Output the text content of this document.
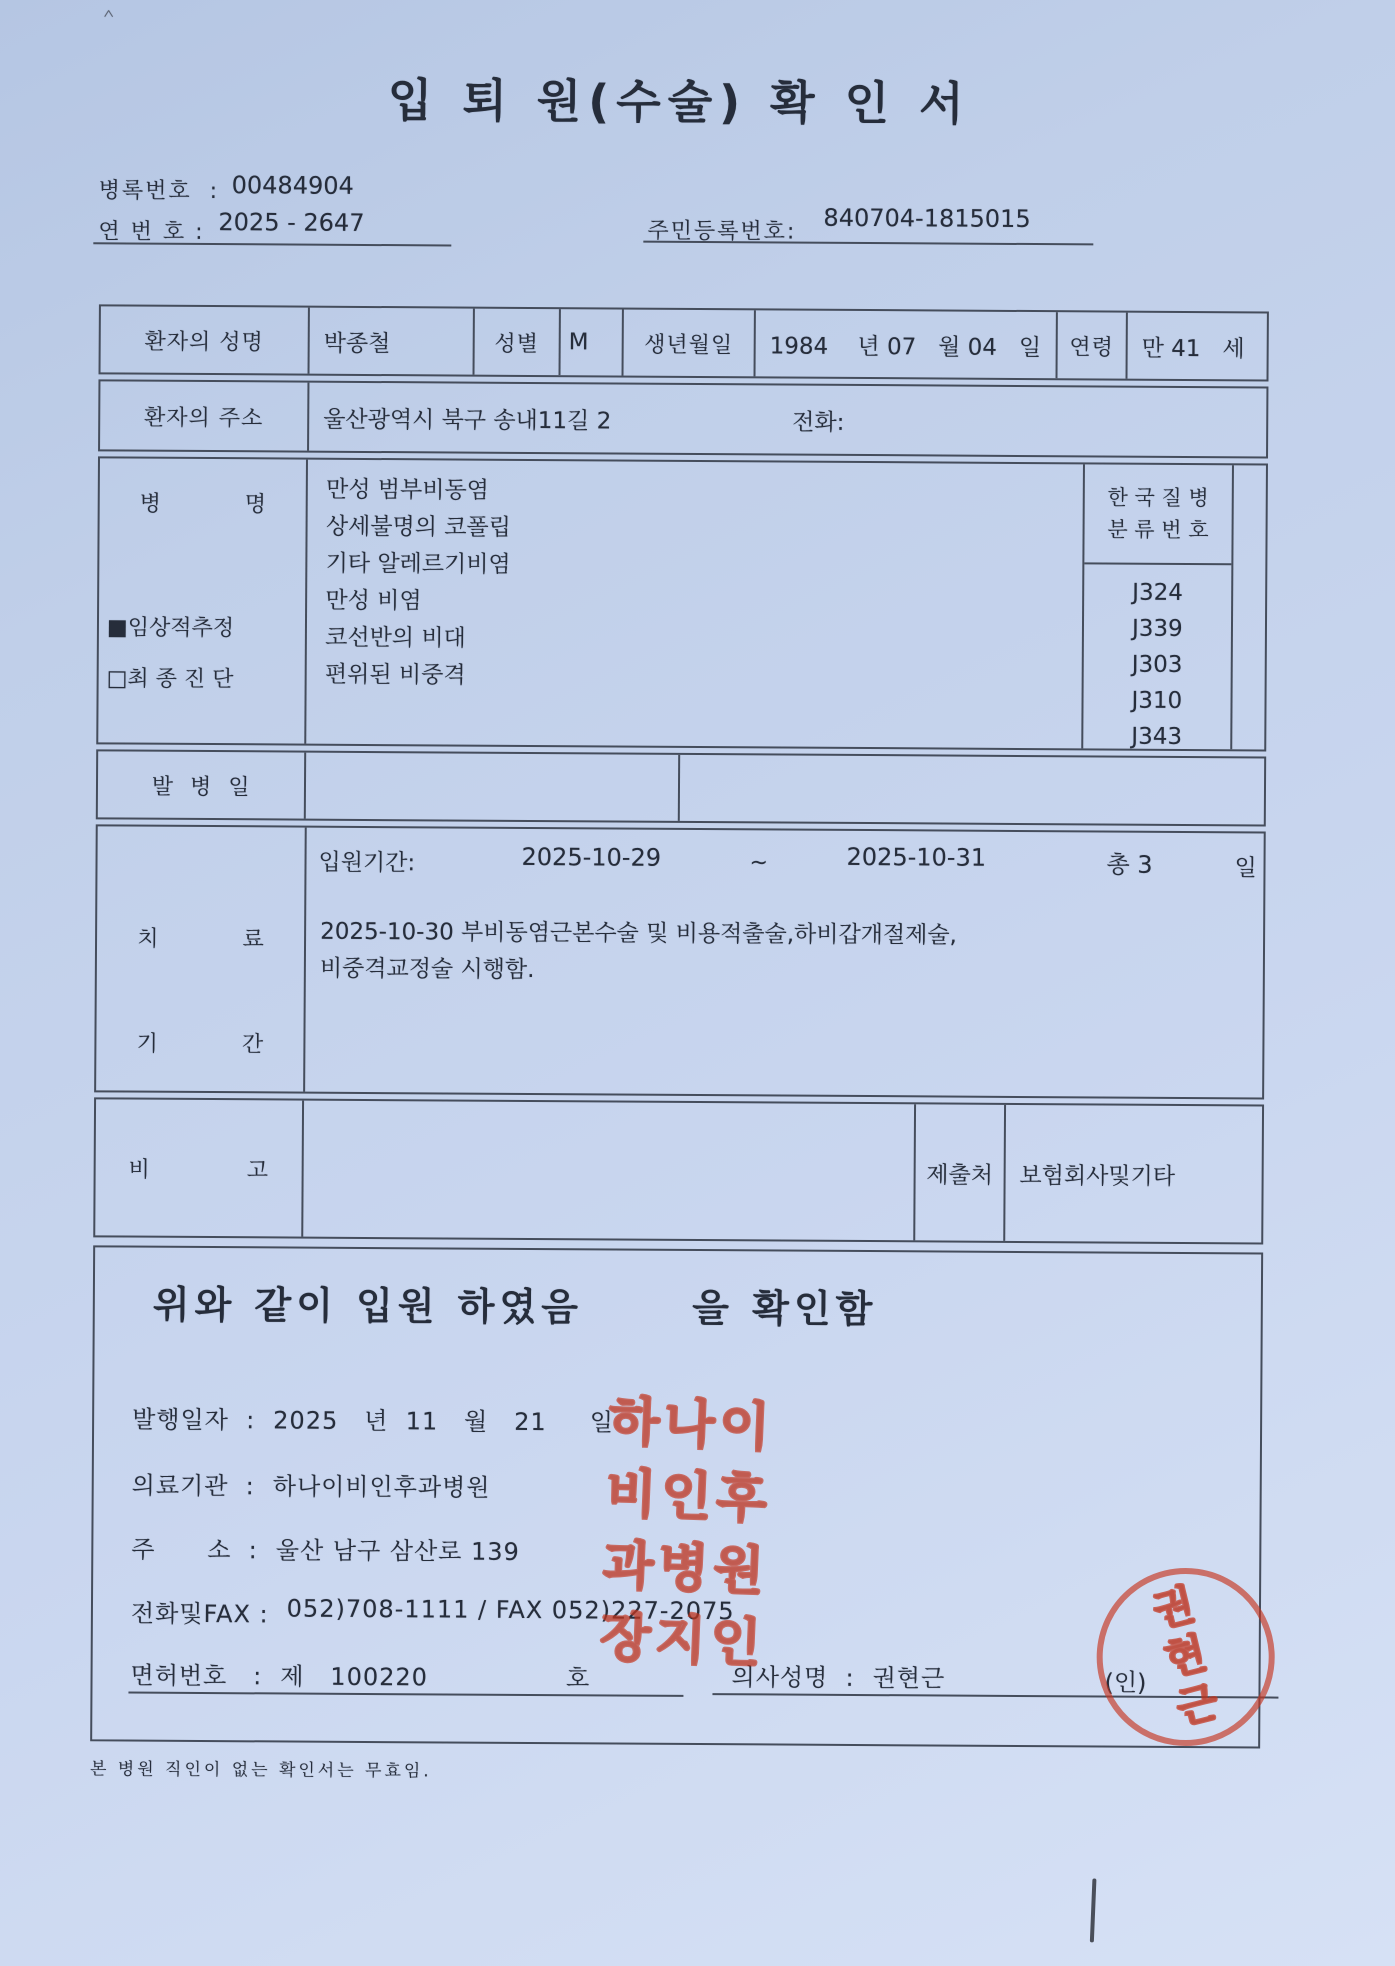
＾
입 퇴 원(수술) 확 인 서
병록번호  : 00484904
연 번 호 : 2025 - 2647	주민등록번호: 840704-1815015
환자의 성명	박종철	성별	M	생년월일	1984    년 07   월 04   일	연령	만 41   세
환자의 주소	울산광역시 북구 송내11길 2	전화:
병            명
■임상적추정
□최 종 진 단
만성 범부비동염
상세불명의 코폴립
기타 알레르기비염
만성 비염
코선반의 비대
편위된 비중격
한 국 질 병
분 류 번 호
J324
J339
J303
J310
J343
발  병  일
치            료
기            간
입원기간:	2025-10-29	~	2025-10-31	총 3	일
2025-10-30 부비동염근본수술 및 비용적출술,하비갑개절제술,
비중격교정술 시행함.
비            고	제출처	보험회사및기타
위와 같이 입원 하였음      을 확인함
발행일자  : 2025   년  11   월   21     일
의료기관  : 하나이비인후과병원
주      소  : 울산 남구 삼산로 139
전화및FAX : 052)708-1111 / FAX 052)227-2075
면허번호   : 제   100220                호	의사성명  : 권현근	(인)
하나이
비인후
과병원
장지인	권
현
근
본 병원 직인이 없는 확인서는 무효임.
